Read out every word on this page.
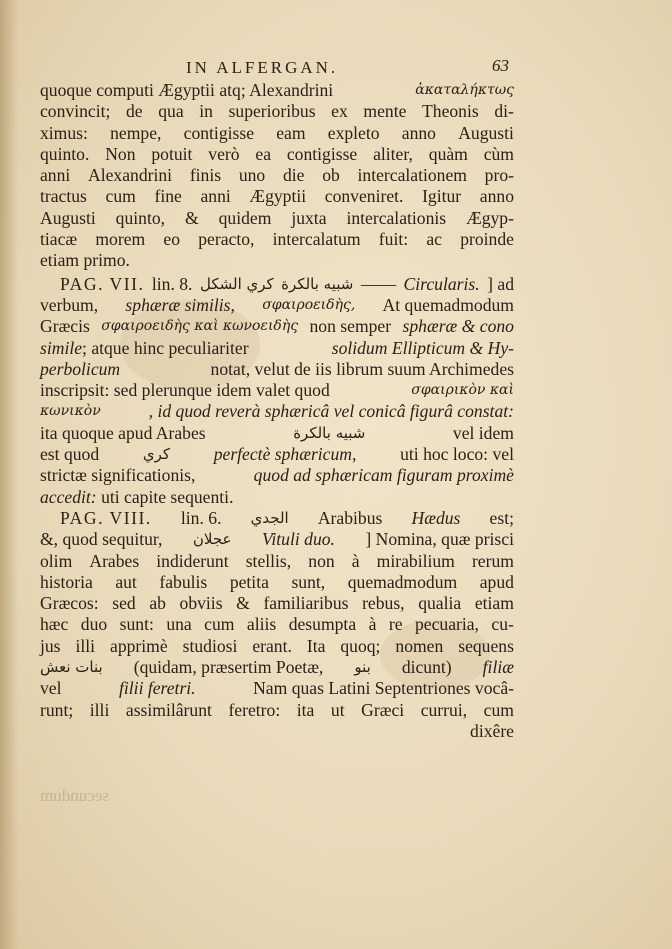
IN ALFERGAN.	63
quoque computi Ægyptii atq; Alexandrini	ἀκαταλήκτως
convincit; de qua in superioribus ex mente Theonis di-
ximus: nempe, contigisse eam expleto anno Augusti
quinto. Non potuit verò ea contigisse aliter, quàm cùm
anni Alexandrini finis uno die ob intercalationem pro-
tractus cum fine anni Ægyptii conveniret. Igitur anno
Augusti quinto, & quidem juxta intercalationis Ægyp-
tiacæ morem eo peracto, intercalatum fuit: ac proinde
etiam primo.
PAG. VII. lin. 8. كري الشكل شبيه بالكرة —— Circularis. ] ad
verbum, sphæræ similis, σφαιροειδὴς, At quemadmodum
Græcis σφαιροειδὴς καὶ κωνοειδὴς non semper sphæræ & cono
simile; atque hinc peculiariter	solidum Ellipticum & Hy-
perbolicum	notat, velut de iis librum suum Archimedes
inscripsit: sed plerunque idem valet quod	σφαιρικὸν καὶ
κωνικὸν	, id quod reverà sphæricâ vel conicâ figurâ constat:
ita quoque apud Arabes	شبيه بالكرة	vel idem
est quod	كري perfectè sphæricum, uti hoc loco: vel
strictæ significationis,	quod ad sphæricam figuram proximè
accedit: uti capite sequenti.
PAG. VIII. lin. 6. الجدي Arabibus Hædus est;
&, quod sequitur, عجلان Vituli duo. ] Nomina, quæ prisci
olim Arabes indiderunt stellis, non à mirabilium rerum
historia aut fabulis petita sunt, quemadmodum apud
Græcos: sed ab obviis & familiaribus rebus, qualia etiam
hæc duo sunt: una cum aliis desumpta à re pecuaria, cu-
jus illi apprimè studiosi erant. Ita quoq; nomen sequens
بنات نعش (quidam, præsertim Poetæ, بنو dicunt) filiæ
vel	filii feretri.	Nam quas Latini Septentriones vocâ-
runt; illi assimilârunt feretro: ita ut Græci currui, cum
dixêre
secundum
